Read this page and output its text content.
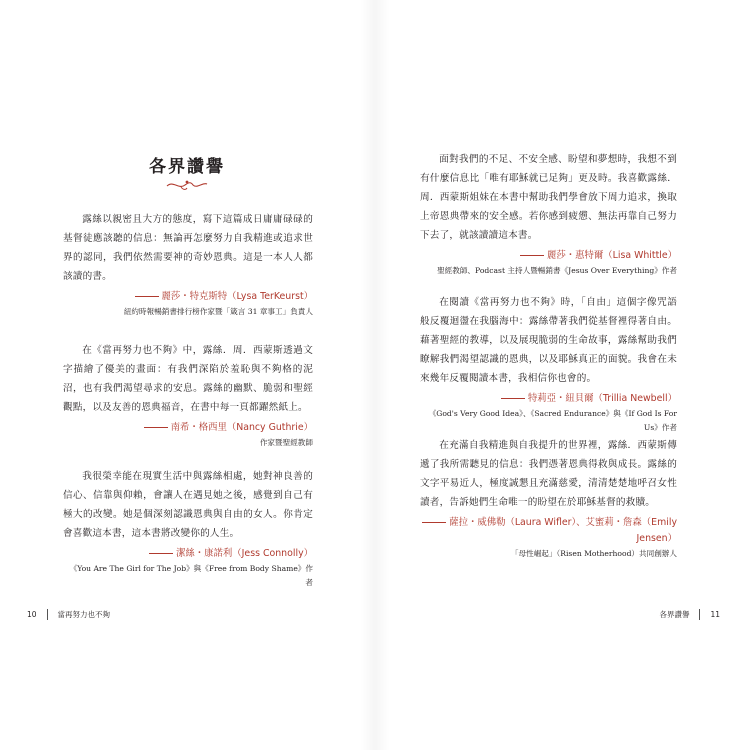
各界讚譽

露絲以親密且大方的態度，寫下這篇成日庸庸碌碌的基督徒應該聽的信息：無論再怎麼努力自我精進或追求世界的認同，我們依然需要神的奇妙恩典。這是一本人人都該讀的書。

麗莎・特克斯特（Lysa TerKeurst）

紐約時報暢銷書排行榜作家暨「箴言 31 章事工」負責人

在《當再努力也不夠》中，露絲．周．西蒙斯透過文字描繪了優美的畫面：有我們深陷於羞恥與不夠格的泥沼，也有我們渴望尋求的安息。露絲的幽默、脆弱和聖經觀點，以及友善的恩典福音，在書中每一頁都躍然紙上。

南希・格西里（Nancy Guthrie）

作家暨聖經教師

我很榮幸能在現實生活中與露絲相處，她對神良善的信心、信靠與仰賴，會讓人在遇見她之後，感覺到自己有極大的改變。她是個深刻認識恩典與自由的女人。你肯定會喜歡這本書，這本書將改變你的人生。

潔絲・康諾利（Jess Connolly）

《You Are The Girl for The Job》與《Free from Body Shame》作者

10	當再努力也不夠

面對我們的不足、不安全感、盼望和夢想時，我想不到有什麼信息比「唯有耶穌就已足夠」更及時。我喜歡露絲．周．西蒙斯姐妹在本書中幫助我們學會放下周力追求，換取上帝恩典帶來的安全感。若你感到疲憊、無法再靠自己努力下去了，就該讀讀這本書。

麗莎・惠特爾（Lisa Whittle）

聖經教師、Podcast 主持人暨暢銷書《Jesus Over Everything》作者

在閱讀《當再努力也不夠》時，「自由」這個字像咒語般反覆迴盪在我腦海中：露絲帶著我們從基督裡得著自由。藉著聖經的教導，以及展現脆弱的生命故事，露絲幫助我們瞭解我們渴望認識的恩典，以及耶穌真正的面貌。我會在未來幾年反覆閱讀本書，我相信你也會的。

特莉亞・紐貝爾（Trillia Newbell）

《God's Very Good Idea》、《Sacred Endurance》與《If God Is For Us》作者

在充滿自我精進與自我提升的世界裡，露絲．西蒙斯傳遞了我所需聽見的信息：我們憑著恩典得救與成長。露絲的文字平易近人，極度誠懇且充滿慈愛，清清楚楚地呼召女性讀者，告訴她們生命唯一的盼望在於耶穌基督的救贖。

薩拉・威佛勒（Laura Wifler）、艾蜜莉・詹森（Emily Jensen）

「母性崛起」（Risen Motherhood）共同創辦人

各界讚譽	11
